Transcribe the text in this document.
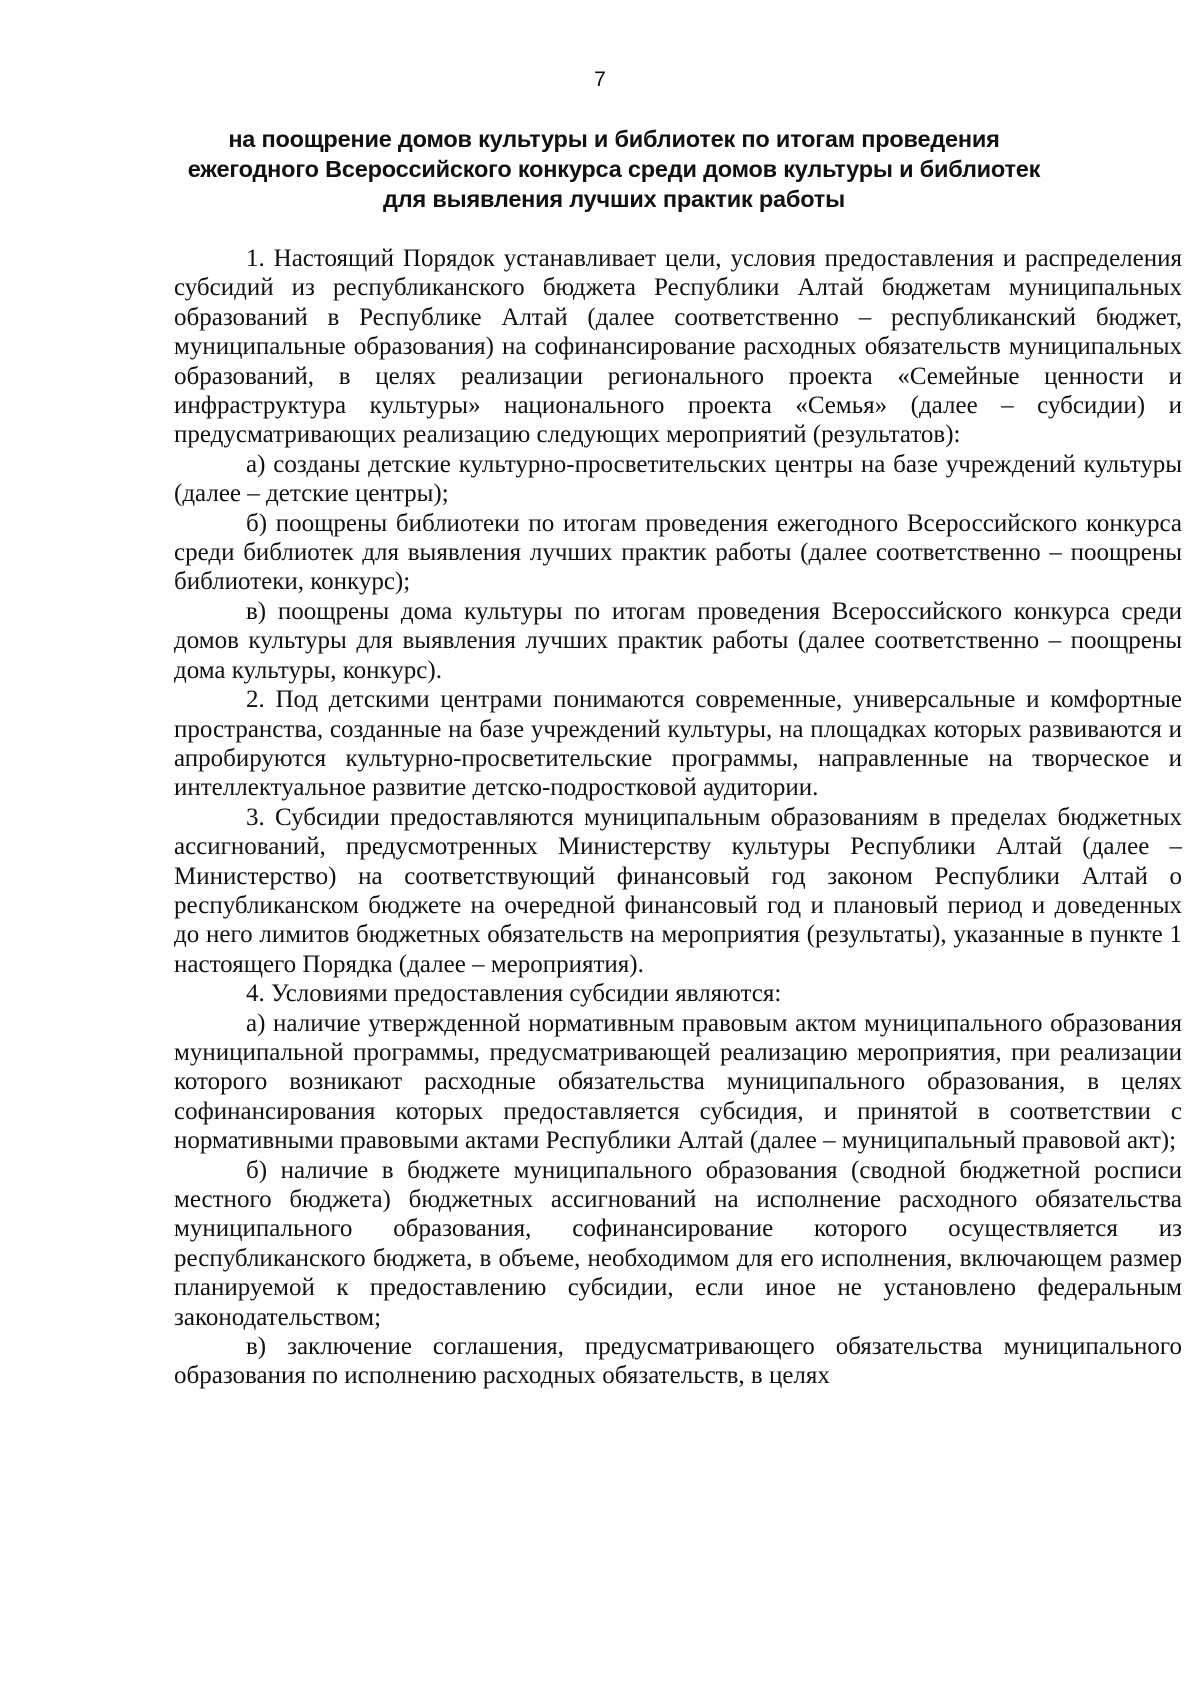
7
на поощрение домов культуры и библиотек по итогам проведения ежегодного Всероссийского конкурса среди домов культуры и библиотек для выявления лучших практик работы

1. Настоящий Порядок устанавливает цели, условия предоставления и распределения субсидий из республиканского бюджета Республики Алтай бюджетам муниципальных образований в Республике Алтай (далее соответственно – республиканский бюджет, муниципальные образования) на софинансирование расходных обязательств муниципальных образований, в целях реализации регионального проекта «Семейные ценности и инфраструктура культуры» национального проекта «Семья» (далее – субсидии) и предусматривающих реализацию следующих мероприятий (результатов):

а) созданы детские культурно-просветительских центры на базе учреждений культуры (далее – детские центры);

б) поощрены библиотеки по итогам проведения ежегодного Всероссийского конкурса среди библиотек для выявления лучших практик работы (далее соответственно – поощрены библиотеки, конкурс);

в) поощрены дома культуры по итогам проведения Всероссийского конкурса среди домов культуры для выявления лучших практик работы (далее соответственно – поощрены дома культуры, конкурс).

2. Под детскими центрами понимаются современные, универсальные и комфортные пространства, созданные на базе учреждений культуры, на площадках которых развиваются и апробируются культурно-просветительские программы, направленные на творческое и интеллектуальное развитие детско-подростковой аудитории.

3. Субсидии предоставляются муниципальным образованиям в пределах бюджетных ассигнований, предусмотренных Министерству культуры Республики Алтай (далее – Министерство) на соответствующий финансовый год законом Республики Алтай о республиканском бюджете на очередной финансовый год и плановый период и доведенных до него лимитов бюджетных обязательств на мероприятия (результаты), указанные в пункте 1 настоящего Порядка (далее – мероприятия).

4. Условиями предоставления субсидии являются:

а) наличие утвержденной нормативным правовым актом муниципального образования муниципальной программы, предусматривающей реализацию мероприятия, при реализации которого возникают расходные обязательства муниципального образования, в целях софинансирования которых предоставляется субсидия, и принятой в соответствии с нормативными правовыми актами Республики Алтай (далее – муниципальный правовой акт);

б) наличие в бюджете муниципального образования (сводной бюджетной росписи местного бюджета) бюджетных ассигнований на исполнение расходного обязательства муниципального образования, софинансирование которого осуществляется из республиканского бюджета, в объеме, необходимом для его исполнения, включающем размер планируемой к предоставлению субсидии, если иное не установлено федеральным законодательством;

в) заключение соглашения, предусматривающего обязательства муниципального образования по исполнению расходных обязательств, в целях
